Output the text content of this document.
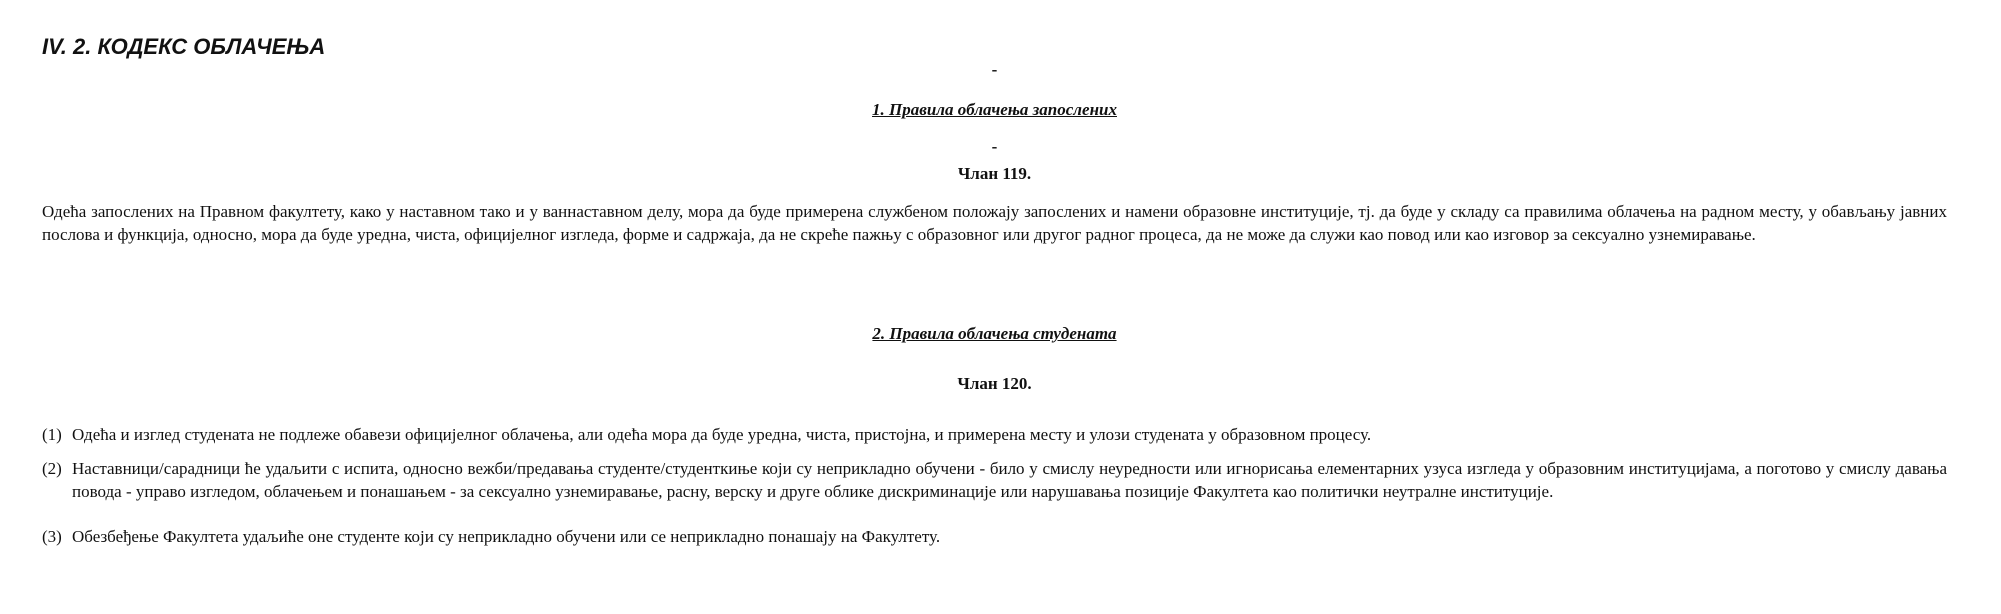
IV. 2. КОДЕКС ОБЛАЧЕЊА
-
1. Правила облачења запослених
-
Члан 119.

Одећа запослених на Правном факултету, како у наставном тако и у ваннаставном делу, мора да буде примерена службеном положају запослених и намени образовне институције, тј. да буде у складу са правилима облачења на радном месту, у обављању јавних послова и функција, односно, мора да буде уредна, чиста, официјелног изгледа, форме и садржаја, да не скреће пажњу с образовног или другог радног процеса, да не може да служи као повод или као изговор за сексуално узнемиравање.

2. Правила облачења студената
Члан 120.
(1) Одећа и изглед студената не подлеже обавези официјелног облачења, али одећа мора да буде уредна, чиста, пристојна, и примерена месту и улози студената у образовном процесу.
(2) Наставници/сарадници ће удаљити с испита, односно вежби/предавања студенте/студенткиње који су неприкладно обучени - било у смислу неуредности или игнорисања елементарних узуса изгледа у образовним институцијама, а поготово у смислу давања повода - управо изгледом, облачењем и понашањем - за сексуално узнемиравање, расну, верску и друге облике дискриминације или нарушавања позиције Факултета као политички неутралне институције.
(3) Обезбеђење Факултета удаљиће оне студенте који су неприкладно обучени или се неприкладно понашају на Факултету.
